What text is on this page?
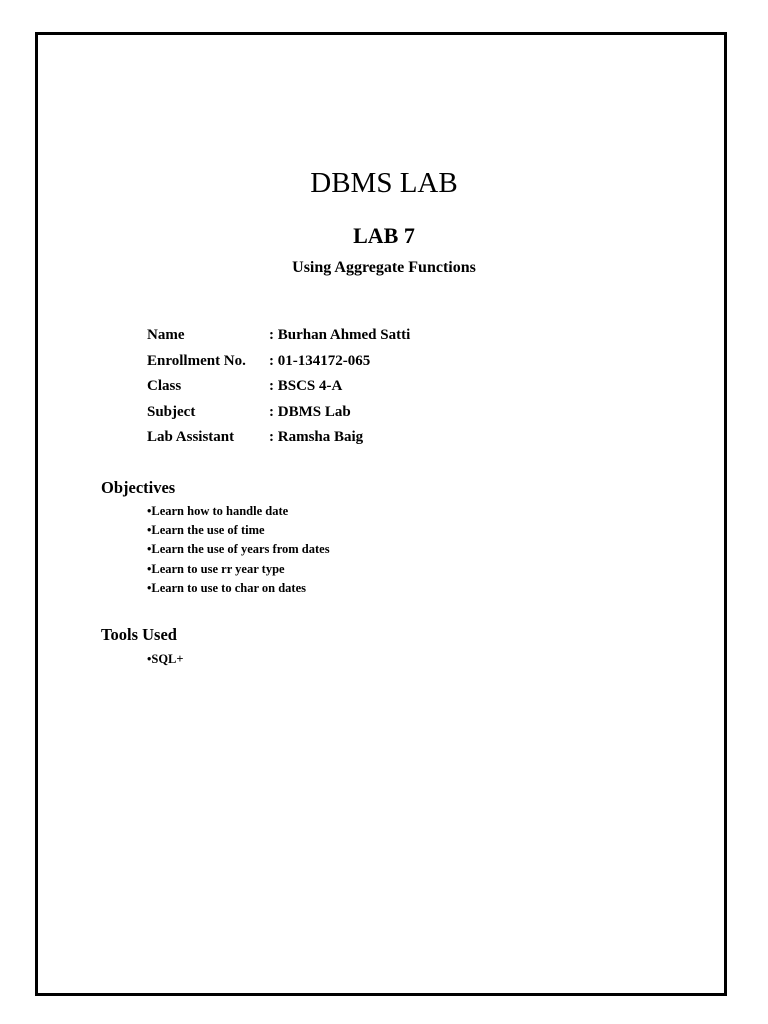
DBMS LAB
LAB 7
Using Aggregate Functions
Name	: Burhan Ahmed Satti
Enrollment No. : 01-134172-065
Class	: BSCS 4-A
Subject	: DBMS Lab
Lab Assistant : Ramsha Baig
Objectives
•Learn how to handle date
•Learn the use of time
•Learn the use of years from dates
•Learn to use rr year type
•Learn to use to char on dates
Tools Used
•SQL+
